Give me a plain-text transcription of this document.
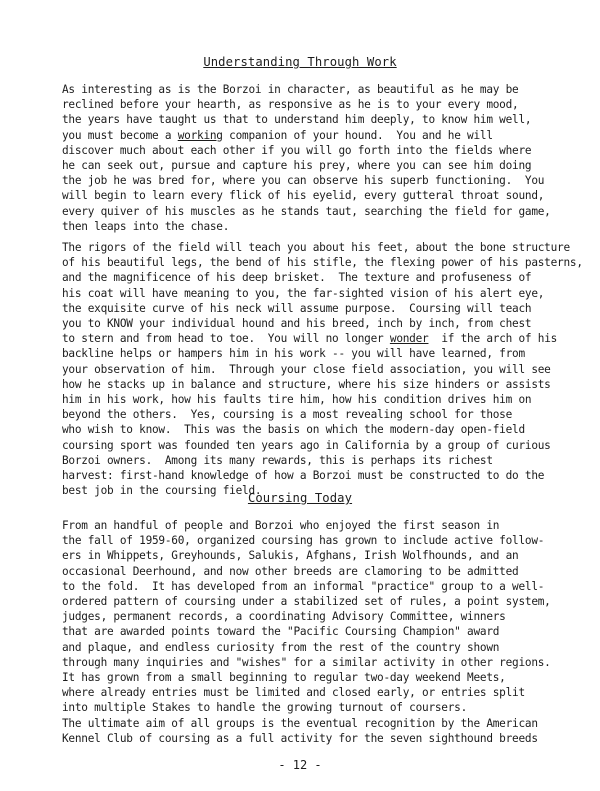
Understanding Through Work
As interesting as is the Borzoi in character, as beautiful as he may be
reclined before your hearth, as responsive as he is to your every mood,
the years have taught us that to understand him deeply, to know him well,
you must become a working companion of your hound.  You and he will
discover much about each other if you will go forth into the fields where
he can seek out, pursue and capture his prey, where you can see him doing
the job he was bred for, where you can observe his superb functioning.  You
will begin to learn every flick of his eyelid, every gutteral throat sound,
every quiver of his muscles as he stands taut, searching the field for game,
then leaps into the chase.
The rigors of the field will teach you about his feet, about the bone structure
of his beautiful legs, the bend of his stifle, the flexing power of his pasterns,
and the magnificence of his deep brisket.  The texture and profuseness of
his coat will have meaning to you, the far-sighted vision of his alert eye,
the exquisite curve of his neck will assume purpose.  Coursing will teach
you to KNOW your individual hound and his breed, inch by inch, from chest
to stern and from head to toe.  You will no longer wonder  if the arch of his
backline helps or hampers him in his work -- you will have learned, from
your observation of him.  Through your close field association, you will see
how he stacks up in balance and structure, where his size hinders or assists
him in his work, how his faults tire him, how his condition drives him on
beyond the others.  Yes, coursing is a most revealing school for those
who wish to know.  This was the basis on which the modern-day open-field
coursing sport was founded ten years ago in California by a group of curious
Borzoi owners.  Among its many rewards, this is perhaps its richest
harvest: first-hand knowledge of how a Borzoi must be constructed to do the
best job in the coursing field.
Coursing Today
From an handful of people and Borzoi who enjoyed the first season in
the fall of 1959-60, organized coursing has grown to include active follow-
ers in Whippets, Greyhounds, Salukis, Afghans, Irish Wolfhounds, and an
occasional Deerhound, and now other breeds are clamoring to be admitted
to the fold.  It has developed from an informal "practice" group to a well-
ordered pattern of coursing under a stabilized set of rules, a point system,
judges, permanent records, a coordinating Advisory Committee, winners
that are awarded points toward the "Pacific Coursing Champion" award
and plaque, and endless curiosity from the rest of the country shown
through many inquiries and "wishes" for a similar activity in other regions.
It has grown from a small beginning to regular two-day weekend Meets,
where already entries must be limited and closed early, or entries split
into multiple Stakes to handle the growing turnout of coursers.
The ultimate aim of all groups is the eventual recognition by the American
Kennel Club of coursing as a full activity for the seven sighthound breeds
- 12 -
